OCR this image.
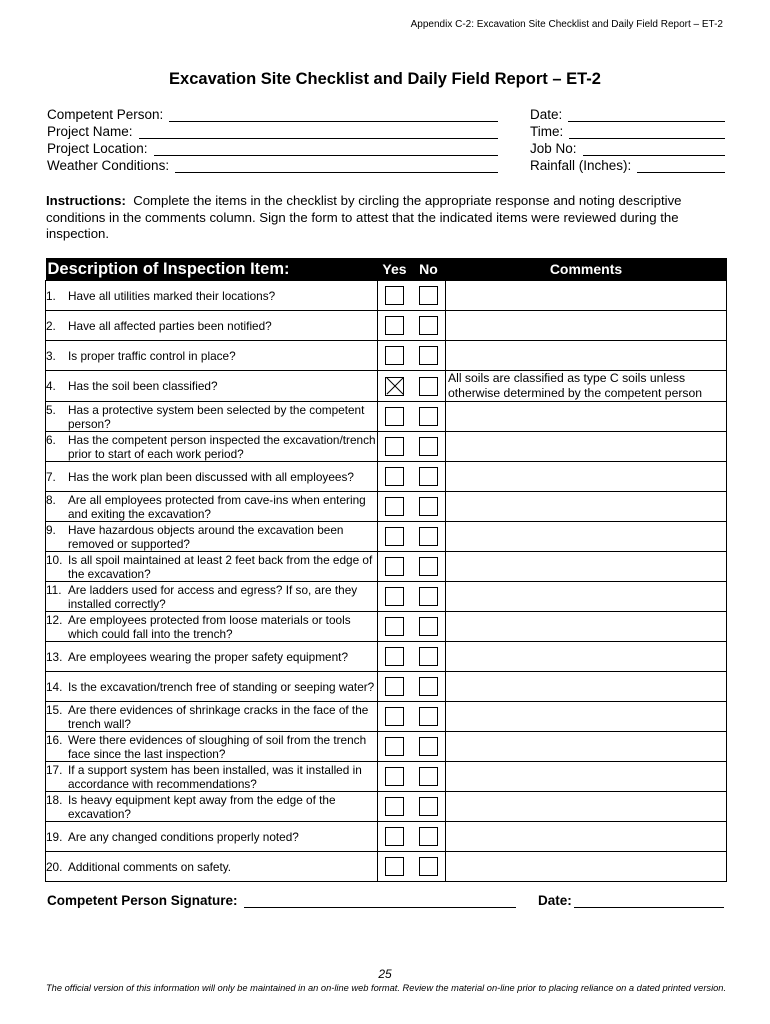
Appendix C-2: Excavation Site Checklist and Daily Field Report – ET-2
Excavation Site Checklist and Daily Field Report – ET-2
Competent Person:
Project Name:
Project Location:
Weather Conditions:
Date:
Time:
Job No:
Rainfall (Inches):
Instructions: Complete the items in the checklist by circling the appropriate response and noting descriptive conditions in the comments column. Sign the form to attest that the indicated items were reviewed during the inspection.
Description of Inspection Item:	Yes	No	Comments

1. Have all utilities marked their locations?			

2. Have all affected parties been notified?			

3. Is proper traffic control in place?			

4. Has the soil been classified?			All soils are classified as type C soils unless otherwise determined by the competent person

5. Has a protective system been selected by the competent person?			

6. Has the competent person inspected the excavation/trench prior to start of each work period?			

7. Has the work plan been discussed with all employees?			

8. Are all employees protected from cave-ins when entering and exiting the excavation?			

9. Have hazardous objects around the excavation been removed or supported?			

10. Is all spoil maintained at least 2 feet back from the edge of the excavation?			

11. Are ladders used for access and egress? If so, are they installed correctly?			

12. Are employees protected from loose materials or tools which could fall into the trench?			

13. Are employees wearing the proper safety equipment?			

14. Is the excavation/trench free of standing or seeping water?			

15. Are there evidences of shrinkage cracks in the face of the trench wall?			

16. Were there evidences of sloughing of soil from the trench face since the last inspection?			

17. If a support system has been installed, was it installed in accordance with recommendations?			

18. Is heavy equipment kept away from the edge of the excavation?			

19. Are any changed conditions properly noted?			

20. Additional comments on safety.			

Competent Person Signature:	Date:
25
The official version of this information will only be maintained in an on-line web format. Review the material on-line prior to placing reliance on a dated printed version.
